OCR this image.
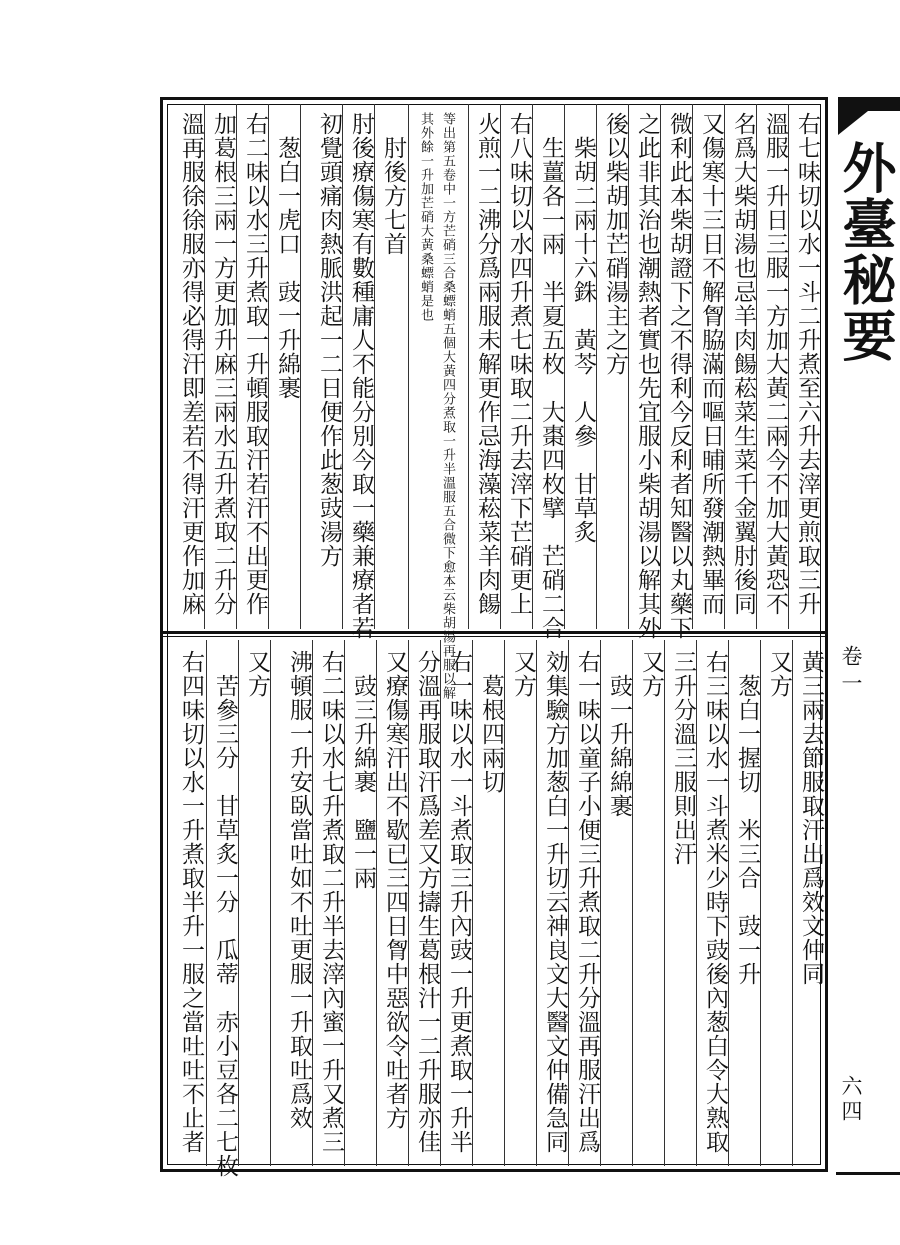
外臺秘要
卷一
六四
右七味切以水一斗二升煮至六升去滓更煎取三升
溫服一升日三服一方加大黃二兩今不加大黃恐不
名爲大柴胡湯也忌羊肉餳菘菜生菜千金翼肘後同
又傷寒十三日不解胷脇滿而嘔日晡所發潮熱畢而
微利此本柴胡證下之不得利今反利者知醫以丸藥下
之此非其治也潮熱者實也先宜服小柴胡湯以解其外
後以柴胡加芒硝湯主之方
　柴胡二兩十六銖　黃芩　人參　甘草炙
　生薑各一兩　半夏五枚　大棗四枚擘　芒硝二合
右八味切以水四升煮七味取二升去滓下芒硝更上
火煎一二沸分爲兩服未解更作忌海藻菘菜羊肉餳
等出第五卷中一方芒硝三合桑螵蛸五個大黃四分煮取一升半溫服五合微下愈本云柴胡湯再服以解
其外餘一升加芒硝大黃桑螵蛸是也
　肘後方七首
肘後療傷寒有數種庸人不能分別今取一藥兼療者若
初覺頭痛肉熱脈洪起一二日便作此葱豉湯方
　葱白一虎口　豉一升綿裹
右二味以水三升煮取一升頓服取汗若汗不出更作
加葛根三兩一方更加升麻三兩水五升煮取二升分
溫再服徐徐服亦得必得汗即差若不得汗更作加麻
黃三兩去節服取汗出爲效文仲同
又方
　葱白一握切　米三合　豉一升
右三味以水一斗煮米少時下豉後內葱白令大熟取
三升分溫三服則出汗
又方
　豉一升綿綿裹
右一味以童子小便三升煮取二升分溫再服汗出爲
効集驗方加葱白一升切云神良文大醫文仲備急同
又方
　葛根四兩切
右一味以水一斗煮取三升內豉一升更煮取一升半
分溫再服取汗爲差又方擣生葛根汁一二升服亦佳
又療傷寒汗出不歇已三四日胷中惡欲令吐者方
　豉三升綿裹　鹽一兩
右二味以水七升煮取二升半去滓內蜜一升又煮三
沸頓服一升安臥當吐如不吐更服一升取吐爲效
又方
　苦參三分　甘草炙一分　瓜蒂　赤小豆各二七枚
右四味切以水一升煮取半升一服之當吐吐不止者
